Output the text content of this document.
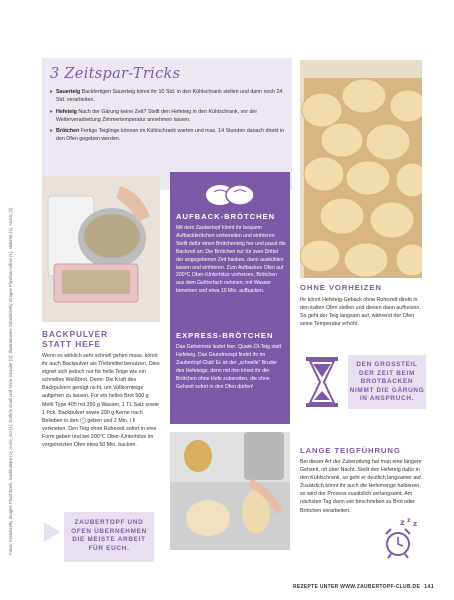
Fotos: Kreis/Getty Images Plus/iStock, Sashkalepo (1), Arnie_Go (1), Kathrin Knoll und Anne Gnauler (2); Illustrationen: iStock/Getty Images Plus/marvellise (1), slalomp (1), Archiv (2)
3 Zeitspar-Tricks
▸ Sauerteig Backfertigen Sauerteig könnt ihr 10 Std. in den Kühlschrank stellen und dann noch 24 Std. verarbeiten.
▸ Hefeteig Nach der Gärung keine Zeit? Stellt den Hefeteig in den Kühlschrank, vor der Weiterverarbeitung Zimmertemperatur annehmen lassen.
▸ Brötchen Fertige Teiglinge können im Kühlschrank warten und max. 14 Stunden danach direkt in den Ofen gegeben werden.
AUFBACK-BRÖTCHEN
Mit dem Zaubertopf könnt ihr bequem Aufbackbrötchen vorbereiten und einfrieren. Stellt dafür einen Brötchenteig her und passt die Backzeit an: Die Brötchen nur für zwei Drittel der angegebenen Zeit backen, dann auskühlen lassen und einfrieren. Zum Aufbacken Ofen auf 200°C Ober-/Unterhitze vorheizen, Brötchen aus dem Gefrierfach nehmen, mit Wasser benetzen und etwa 10 Min. aufbacken.
EXPRESS-BRÖTCHEN
Das Geheimnis lautet hier: Quark-Öl-Teig statt Hefeteig. Das Grundrezept findet ihr im Zaubertopf-Club! Er ist der „schnelle“ Bruder des Hefeteigs, denn mit ihm könnt ihr die Brötchen ohne Hefe zubereiten, die ohne Gehzeit sofort in den Ofen dürfen!
BACKPULVER
STATT HEFE
Wenn es wirklich sehr schnell gehen muss, könnt ihr auch Backpulver als Triebmittel benutzen. Dies eignet sich jedoch nur für helle Teige wie ein schnelles Weißbrot. Denn: Die Kraft des Backpulvers genügt nicht, um Vollkornteige aufgehen zu lassen. Für ein helles Brot 500 g Mehl Type 405 mit 350 g Wasser, 1 TL Salz sowie 1 Pck. Backpulver sowie 200 g Kerne nach Belieben in den ◯ geben und 2 Min. | ‖ verkneten. Den Teig ohne Ruhezeit sofort in eine Form geben und bei 200°C Ober-/Unterhitze im vorgeheizten Ofen etwa 50 Min. backen.
ZAUBERTOPF UND OFEN ÜBERNEHMEN DIE MEISTE ARBEIT FÜR EUCH.
OHNE VORHEIZEN
Ihr könnt Hefeteig-Gebäck ohne Ruhezeit direkt in den kalten Ofen stellen und diesen dann aufheizen. So geht der Teig langsam auf, während der Ofen seine Temperatur erhöht.
DEN GROSSTEIL DER ZEIT BEIM BROTBACKEN NIMMT DIE GÄRUNG IN ANSPRUCH.
LANGE TEIGFÜHRUNG
Bei dieser Art der Zubereitung hat man eine längere Gehzeit, oft über Nacht. Stellt den Hefeteig dafür in den Kühlschrank, so geht er deutlich langsamer auf. Zusätzlich könnt ihr auch die Hefemenge halbieren, so wird der Prozess zusätzlich verlangsamt. Am nächsten Tag dann wie beschrieben zu Brot oder Brötchen verarbeiten.
z z z
REZEPTE UNTER WWW.ZAUBERTOPF-CLUB.DE 141
